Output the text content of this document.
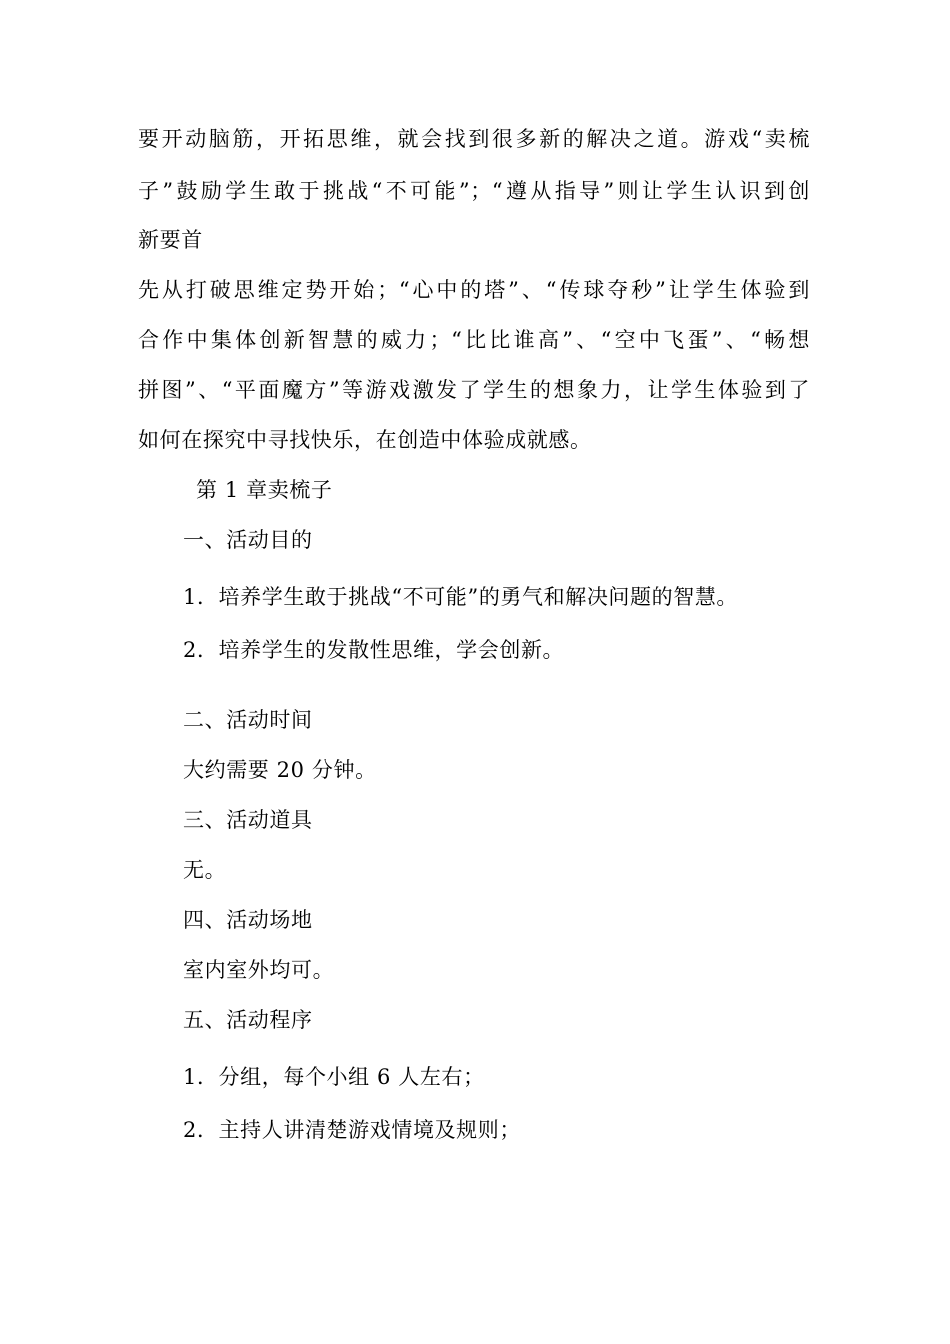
要开动脑筋，开拓思维，就会找到很多新的解决之道。游戏“卖梳

子”鼓励学生敢于挑战“不可能”；“遵从指导”则让学生认识到创

新要首

先从打破思维定势开始；“心中的塔”、“传球夺秒”让学生体验到

合作中集体创新智慧的威力；“比比谁高”、“空中飞蛋”、“畅想

拼图”、“平面魔方”等游戏激发了学生的想象力，让学生体验到了

如何在探究中寻找快乐，在创造中体验成就感。

第 1 章卖梳子

一、活动目的

1．培养学生敢于挑战“不可能”的勇气和解决问题的智慧。

2．培养学生的发散性思维，学会创新。

二、活动时间

大约需要 20 分钟。

三、活动道具

无。

四、活动场地

室内室外均可。

五、活动程序

1．分组，每个小组 6 人左右；

2．主持人讲清楚游戏情境及规则；
